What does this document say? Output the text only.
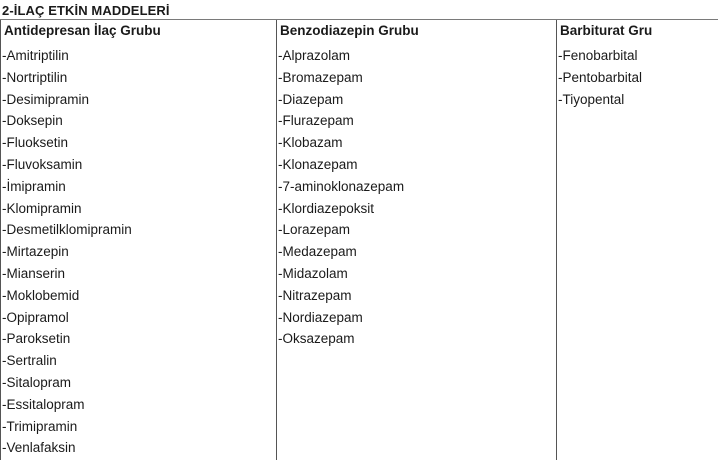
2-İLAÇ ETKİN MADDELERİ
Antidepresan İlaç Grubu
-Amitriptilin
-Nortriptilin
-Desimipramin
-Doksepin
-Fluoksetin
-Fluvoksamin
-İmipramin
-Klomipramin
-Desmetilklomipramin
-Mirtazepin
-Mianserin
-Moklobemid
-Opipramol
-Paroksetin
-Sertralin
-Sitalopram
-Essitalopram
-Trimipramin
-Venlafaksin
Benzodiazepin Grubu
-Alprazolam
-Bromazepam
-Diazepam
-Flurazepam
-Klobazam
-Klonazepam
-7-aminoklonazepam
-Klordiazepoksit
-Lorazepam
-Medazepam
-Midazolam
-Nitrazepam
-Nordiazepam
-Oksazepam
Barbiturat Gru
-Fenobarbital
-Pentobarbital
-Tiyopental
